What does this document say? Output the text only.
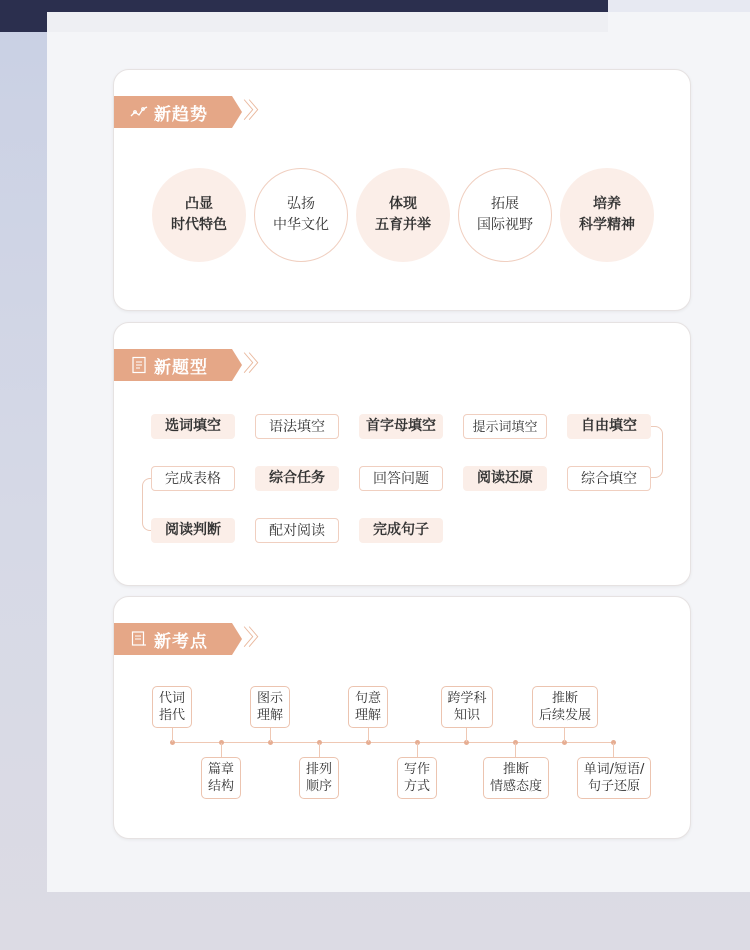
新趋势 〉〉
凸显
时代特色
弘扬
中华文化
体现
五育并举
拓展
国际视野
培养
科学精神
新题型 〉〉
选词填空	语法填空	首字母填空	提示词填空	自由填空
完成表格	综合任务	回答问题	阅读还原	综合填空
阅读判断	配对阅读	完成句子
新考点 〉〉
代词
指代
图示
理解
句意
理解
跨学科
知识
推断
后续发展
篇章
结构
排列
顺序
写作
方式
推断
情感态度
单词/短语/
句子还原
